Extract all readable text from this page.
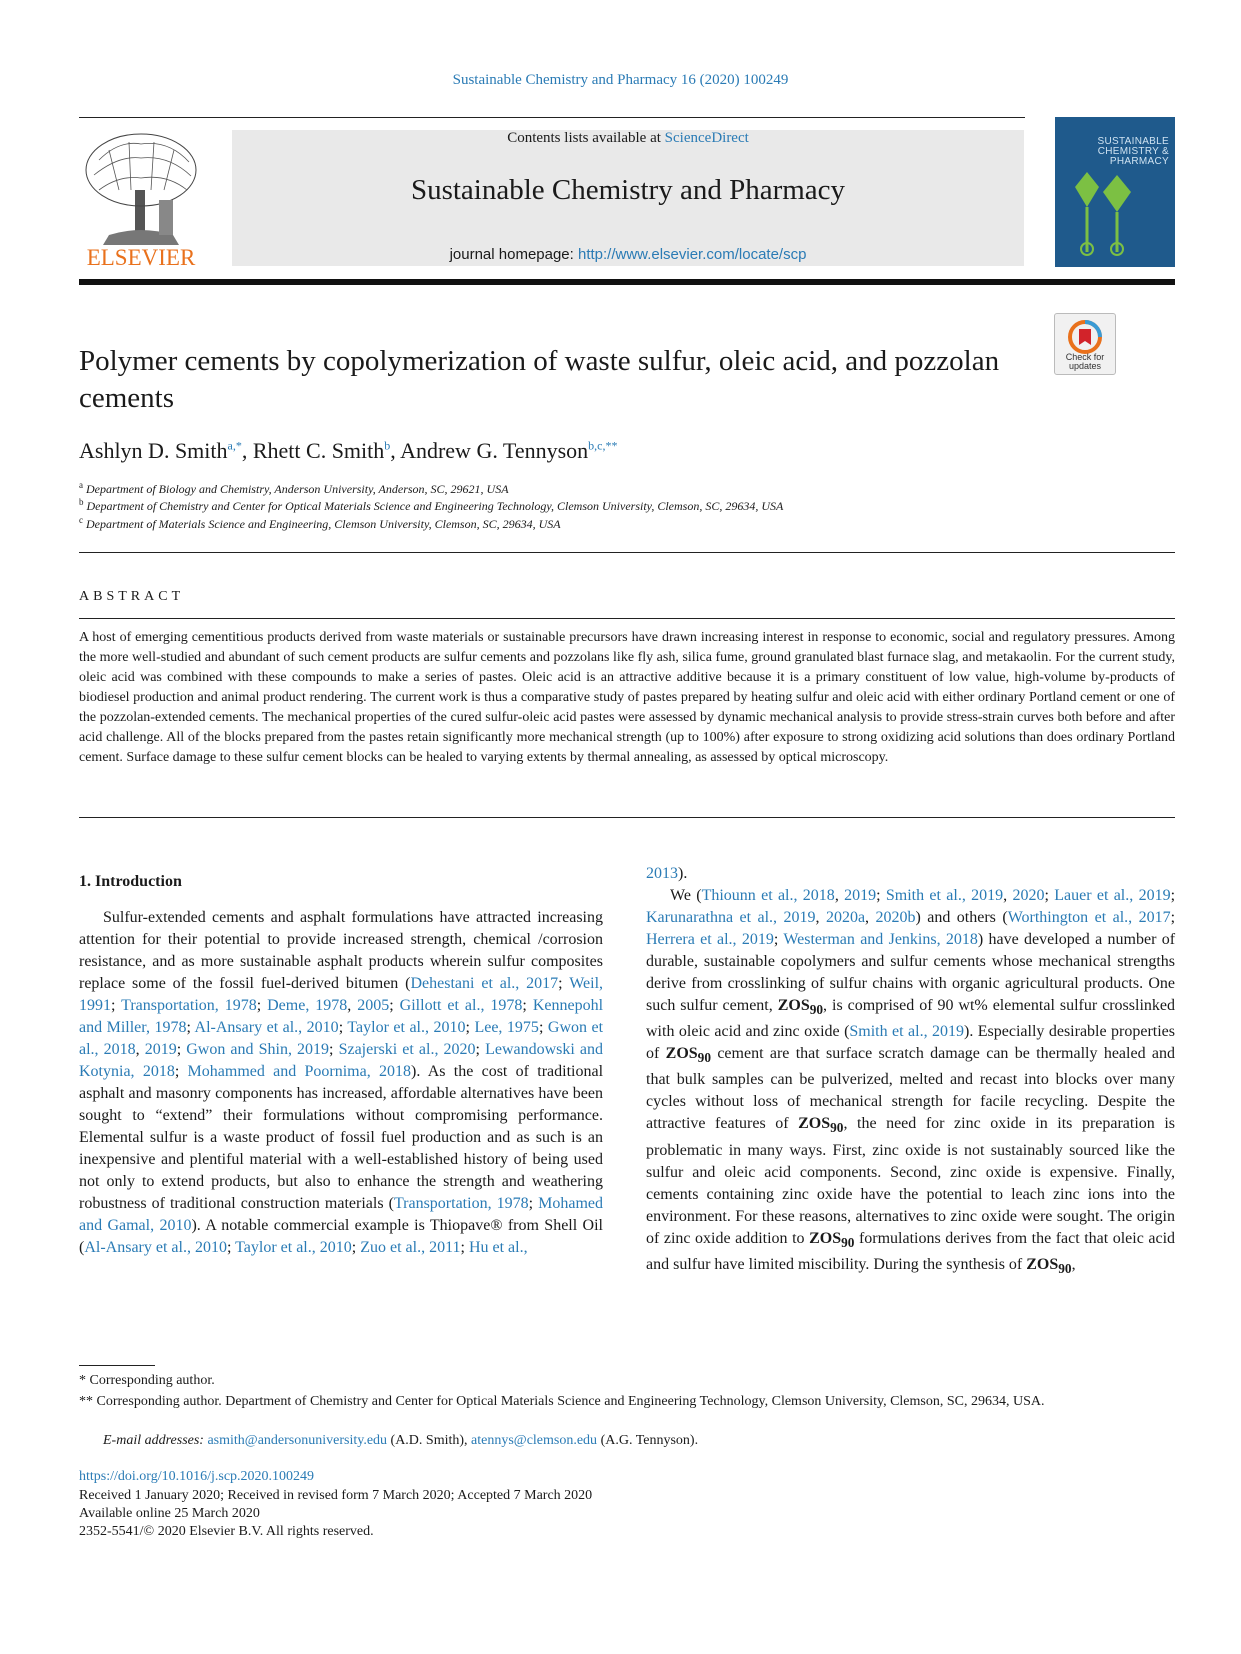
Sustainable Chemistry and Pharmacy 16 (2020) 100249
ELSEVIER
Contents lists available at ScienceDirect
Sustainable Chemistry and Pharmacy
journal homepage: http://www.elsevier.com/locate/scp
SUSTAINABLE CHEMISTRY & PHARMACY
Check for updates
Polymer cements by copolymerization of waste sulfur, oleic acid, and pozzolan cements
Ashlyn D. Smith$^{a,*}$, Rhett C. Smith$^b$, Andrew G. Tennyson$^{b,c,**}$
$^a$ Department of Biology and Chemistry, Anderson University, Anderson, SC, 29621, USA
$^b$ Department of Chemistry and Center for Optical Materials Science and Engineering Technology, Clemson University, Clemson, SC, 29634, USA
$^c$ Department of Materials Science and Engineering, Clemson University, Clemson, SC, 29634, USA
ABSTRACT
A host of emerging cementitious products derived from waste materials or sustainable precursors have drawn increasing interest in response to economic, social and regulatory pressures. Among the more well-studied and abundant of such cement products are sulfur cements and pozzolans like fly ash, silica fume, ground granulated blast furnace slag, and metakaolin. For the current study, oleic acid was combined with these compounds to make a series of pastes. Oleic acid is an attractive additive because it is a primary constituent of low value, high-volume by-products of biodiesel production and animal product rendering. The current work is thus a comparative study of pastes prepared by heating sulfur and oleic acid with either ordinary Portland cement or one of the pozzolan-extended cements. The mechanical properties of the cured sulfur-oleic acid pastes were assessed by dynamic mechanical analysis to provide stress-strain curves both before and after acid challenge. All of the blocks prepared from the pastes retain significantly more mechanical strength (up to 100%) after exposure to strong oxidizing acid solutions than does ordinary Portland cement. Surface damage to these sulfur cement blocks can be healed to varying extents by thermal annealing, as assessed by optical microscopy.
1. Introduction

Sulfur-extended cements and asphalt formulations have attracted increasing attention for their potential to provide increased strength, chemical /corrosion resistance, and as more sustainable asphalt products wherein sulfur composites replace some of the fossil fuel-derived bitumen (Dehestani et al., 2017; Weil, 1991; Transportation, 1978; Deme, 1978, 2005; Gillott et al., 1978; Kennepohl and Miller, 1978; Al-Ansary et al., 2010; Taylor et al., 2010; Lee, 1975; Gwon et al., 2018, 2019; Gwon and Shin, 2019; Szajerski et al., 2020; Lewandowski and Kotynia, 2018; Mohammed and Poornima, 2018). As the cost of traditional asphalt and masonry components has increased, affordable alternatives have been sought to “extend” their formulations without compromising performance. Elemental sulfur is a waste product of fossil fuel production and as such is an inexpensive and plentiful material with a well-established history of being used not only to extend products, but also to enhance the strength and weathering robustness of traditional construction materials (Transportation, 1978; Mohamed and Gamal, 2010). A notable commercial example is Thiopave® from Shell Oil (Al-Ansary et al., 2010; Taylor et al., 2010; Zuo et al., 2011; Hu et al.,

2013).

We (Thiounn et al., 2018, 2019; Smith et al., 2019, 2020; Lauer et al., 2019; Karunarathna et al., 2019, 2020a, 2020b) and others (Worthington et al., 2017; Herrera et al., 2019; Westerman and Jenkins, 2018) have developed a number of durable, sustainable copolymers and sulfur cements whose mechanical strengths derive from crosslinking of sulfur chains with organic agricultural products. One such sulfur cement, $ZOS_{90}$, is comprised of 90 wt% elemental sulfur crosslinked with oleic acid and zinc oxide (Smith et al., 2019). Especially desirable properties of $ZOS_{90}$ cement are that surface scratch damage can be thermally healed and that bulk samples can be pulverized, melted and recast into blocks over many cycles without loss of mechanical strength for facile recycling. Despite the attractive features of $ZOS_{90}$, the need for zinc oxide in its preparation is problematic in many ways. First, zinc oxide is not sustainably sourced like the sulfur and oleic acid components. Second, zinc oxide is expensive. Finally, cements containing zinc oxide have the potential to leach zinc ions into the environment. For these reasons, alternatives to zinc oxide were sought. The origin of zinc oxide addition to $ZOS_{90}$ formulations derives from the fact that oleic acid and sulfur have limited miscibility. During the synthesis of $ZOS_{90}$,

* Corresponding author.
** Corresponding author. Department of Chemistry and Center for Optical Materials Science and Engineering Technology, Clemson University, Clemson, SC, 29634, USA.
E-mail addresses: asmith@andersonuniversity.edu (A.D. Smith), atennys@clemson.edu (A.G. Tennyson).
https://doi.org/10.1016/j.scp.2020.100249
Received 1 January 2020; Received in revised form 7 March 2020; Accepted 7 March 2020
Available online 25 March 2020
2352-5541/© 2020 Elsevier B.V. All rights reserved.
